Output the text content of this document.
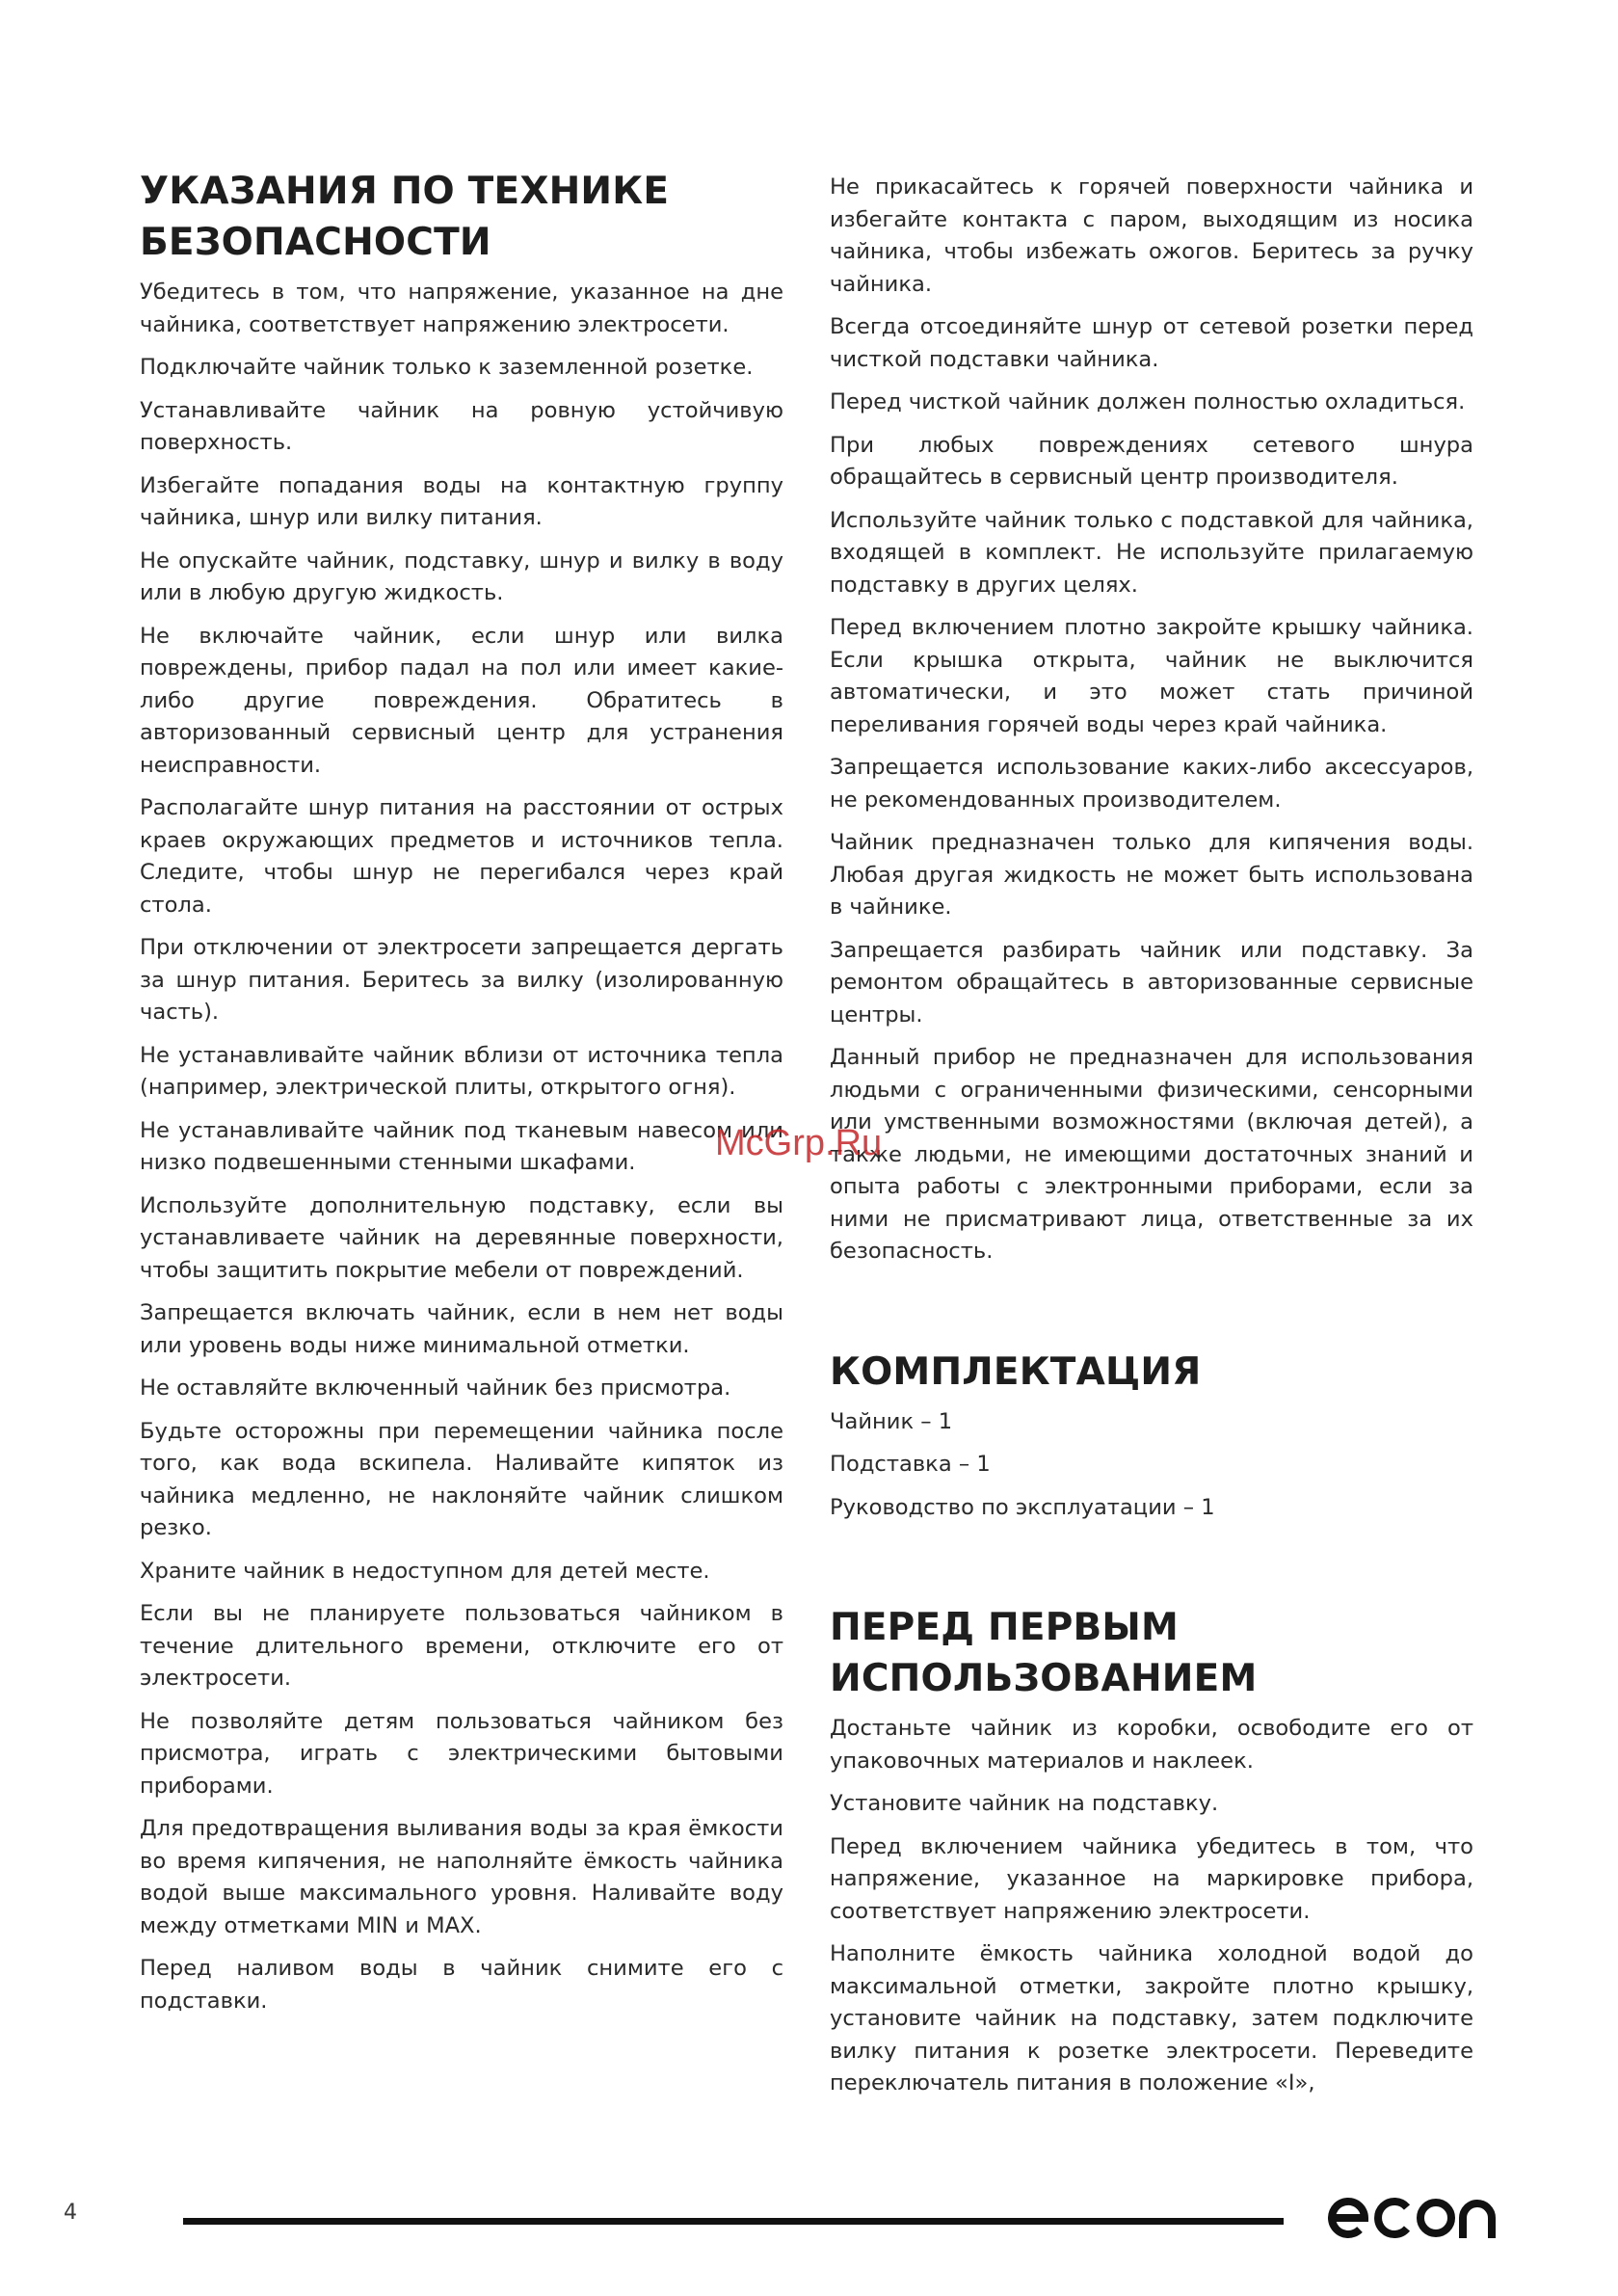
УКАЗАНИЯ ПО ТЕХНИКЕ БЕЗОПАСНОСТИ

Убедитесь в том, что напряжение, указанное на дне чайника, соответствует напряжению электросети.

Подключайте чайник только к заземленной розетке.

Устанавливайте чайник на ровную устойчивую поверхность.

Избегайте попадания воды на контактную группу чайника, шнур или вилку питания.

Не опускайте чайник, подставку, шнур и вилку в воду или в любую другую жидкость.

Не включайте чайник, если шнур или вилка повреждены, прибор падал на пол или имеет какие-либо другие повреждения. Обратитесь в авторизованный сервисный центр для устранения неисправности.

Располагайте шнур питания на расстоянии от острых краев окружающих предметов и источников тепла. Следите, чтобы шнур не перегибался через край стола.

При отключении от электросети запрещается дергать за шнур питания. Беритесь за вилку (изолированную часть).

Не устанавливайте чайник вблизи от источника тепла (например, электрической плиты, открытого огня).

Не устанавливайте чайник под тканевым навесом или низко подвешенными стенными шкафами.

Используйте дополнительную подставку, если вы устанавливаете чайник на деревянные поверхности, чтобы защитить покрытие мебели от повреждений.

Запрещается включать чайник, если в нем нет воды или уровень воды ниже минимальной отметки.

Не оставляйте включенный чайник без присмотра.

Будьте осторожны при перемещении чайника после того, как вода вскипела. Наливайте кипяток из чайника медленно, не наклоняйте чайник слишком резко.

Храните чайник в недоступном для детей месте.

Если вы не планируете пользоваться чайником в течение длительного времени, отключите его от электросети.

Не позволяйте детям пользоваться чайником без присмотра, играть с электрическими бытовыми приборами.

Для предотвращения выливания воды за края ёмкости во время кипячения, не наполняйте ёмкость чайника водой выше максимального уровня. Наливайте воду между отметками MIN и MAX.

Перед наливом воды в чайник снимите его с подставки.

Не прикасайтесь к горячей поверхности чайника и избегайте контакта с паром, выходящим из носика чайника, чтобы избежать ожогов. Беритесь за ручку чайника.

Всегда отсоединяйте шнур от сетевой розетки перед чисткой подставки чайника.

Перед чисткой чайник должен полностью охладиться.

При любых повреждениях сетевого шнура обращайтесь в сервисный центр производителя.

Используйте чайник только с подставкой для чайника, входящей в комплект. Не используйте прилагаемую подставку в других целях.

Перед включением плотно закройте крышку чайника. Если крышка открыта, чайник не выключится автоматически, и это может стать причиной переливания горячей воды через край чайника.

Запрещается использование каких-либо аксессуаров, не рекомендованных производителем.

Чайник предназначен только для кипячения воды. Любая другая жидкость не может быть использована в чайнике.

Запрещается разбирать чайник или подставку. За ремонтом обращайтесь в авторизованные сервисные центры.

Данный прибор не предназначен для использования людьми с ограниченными физическими, сенсорными или умственными возможностями (включая детей), а также людьми, не имеющими достаточных знаний и опыта работы с электронными приборами, если за ними не присматривают лица, ответственные за их безопасность.

КОМПЛЕКТАЦИЯ

Чайник – 1

Подставка – 1

Руководство по эксплуатации – 1

ПЕРЕД ПЕРВЫМ
ИСПОЛЬЗОВАНИЕМ

Достаньте чайник из коробки, освободите его от упаковочных материалов и наклеек.

Установите чайник на подставку.

Перед включением чайника убедитесь в том, что напряжение, указанное на маркировке прибора, соответствует напряжению электросети.

Наполните ёмкость чайника холодной водой до максимальной отметки, закройте плотно крышку, установите чайник на подставку, затем подключите вилку питания к розетке электросети. Переведите переключатель питания в положение «I»,

McGrp.Ru
4
econ
